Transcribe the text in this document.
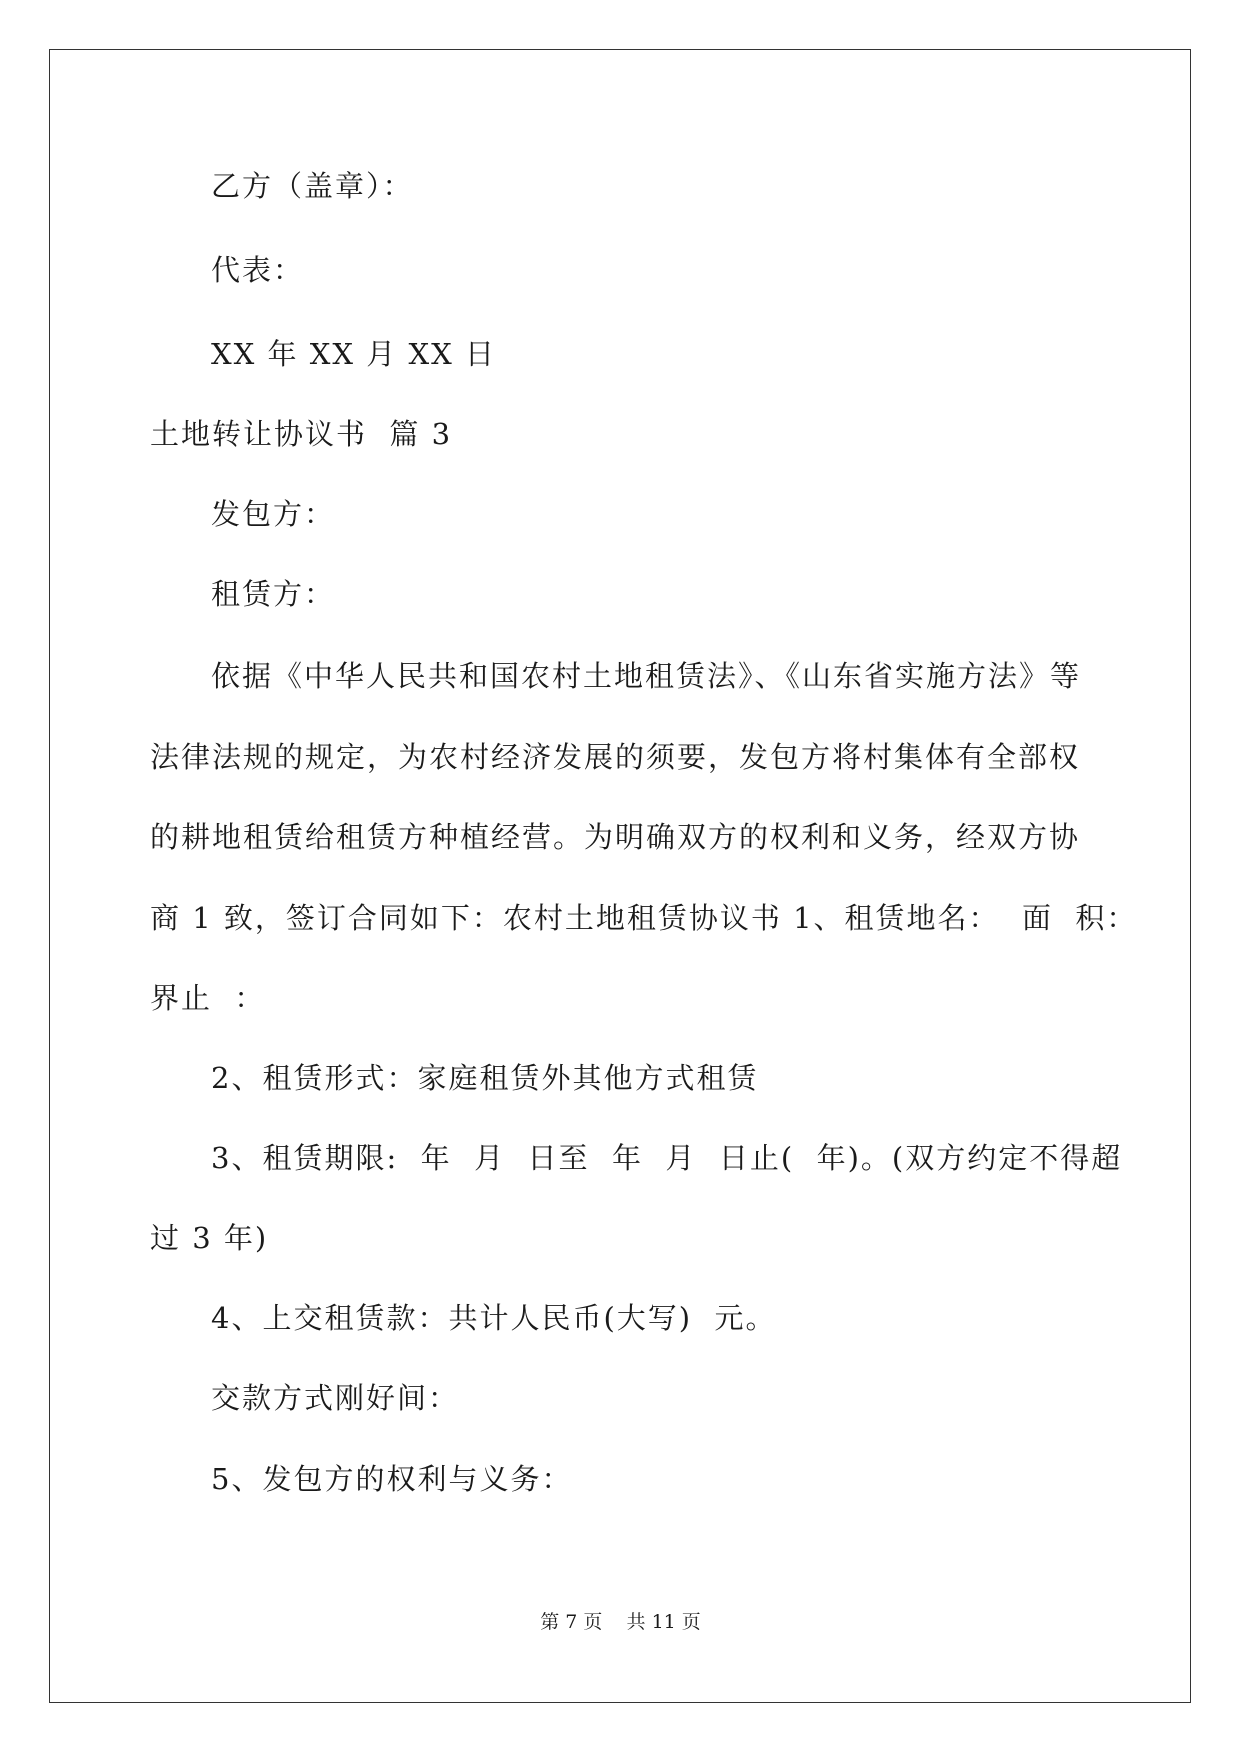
乙方（盖章）：
代表：
XX 年 XX 月 XX 日
土地转让协议书  篇 3
发包方：
租赁方：
依据《中华人民共和国农村土地租赁法》、《山东省实施方法》等
法律法规的规定，为农村经济发展的须要，发包方将村集体有全部权
的耕地租赁给租赁方种植经营。为明确双方的权利和义务，经双方协
商 1 致，签订合同如下：农村土地租赁协议书 1、租赁地名：  面  积：
界止  ：
2、租赁形式：家庭租赁外其他方式租赁
3、租赁期限:  年  月  日至  年  月  日止(  年)。(双方约定不得超
过 3 年)
4、上交租赁款：共计人民币(大写)  元。
交款方式刚好间：
5、发包方的权利与义务：
第 7 页    共 11 页
